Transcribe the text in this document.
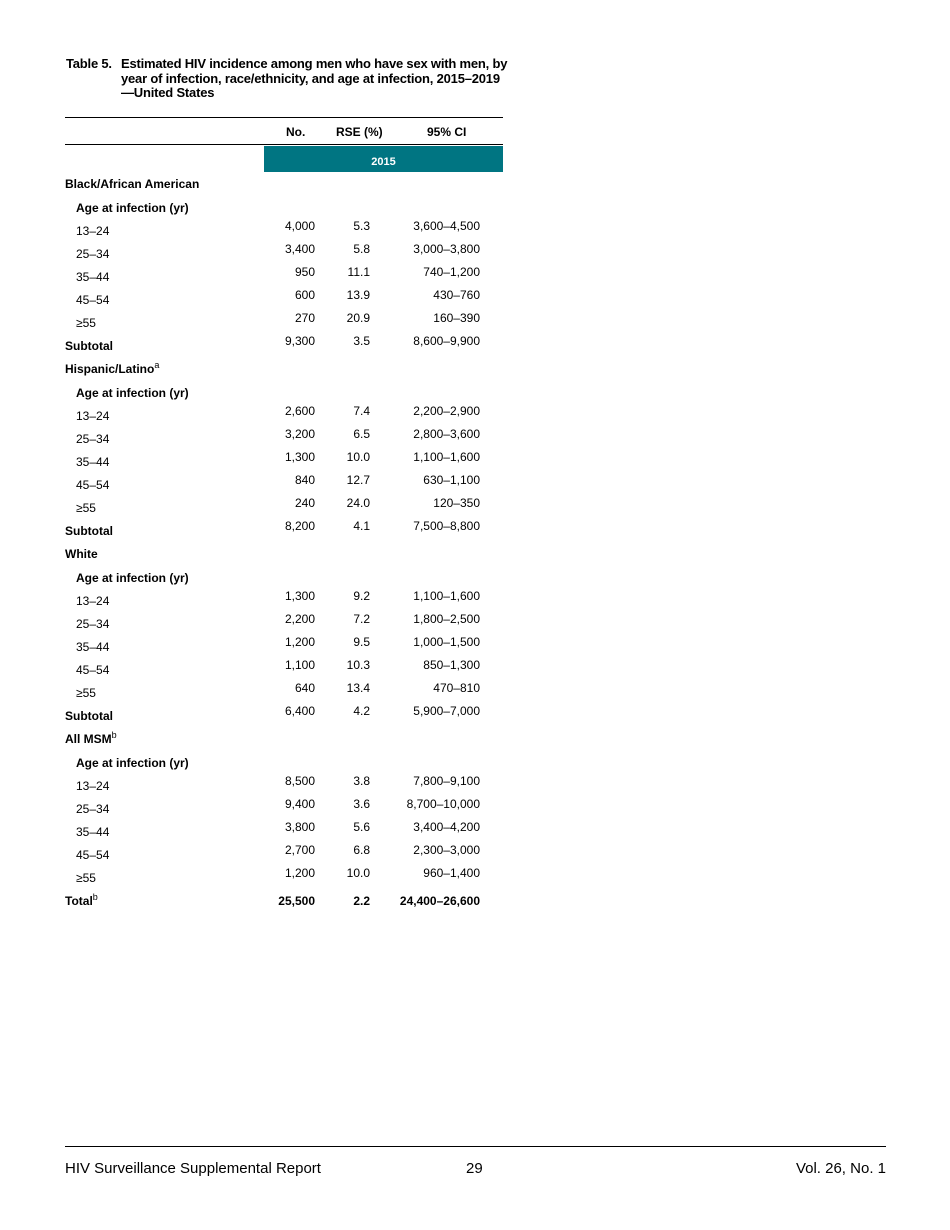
Table 5. Estimated HIV incidence among men who have sex with men, by year of infection, race/ethnicity, and age at infection, 2015–2019—United States
No.	RSE (%)	95% CI
2015
Black/African American
Age at infection (yr)
13–24	4,000	5.3	3,600–4,500
25–34	3,400	5.8	3,000–3,800
35–44	950	11.1	740–1,200
45–54	600	13.9	430–760
≥55	270	20.9	160–390
Subtotal	9,300	3.5	8,600–9,900
Hispanic/Latino$^a$
Age at infection (yr)
13–24	2,600	7.4	2,200–2,900
25–34	3,200	6.5	2,800–3,600
35–44	1,300	10.0	1,100–1,600
45–54	840	12.7	630–1,100
≥55	240	24.0	120–350
Subtotal	8,200	4.1	7,500–8,800
White
Age at infection (yr)
13–24	1,300	9.2	1,100–1,600
25–34	2,200	7.2	1,800–2,500
35–44	1,200	9.5	1,000–1,500
45–54	1,100	10.3	850–1,300
≥55	640	13.4	470–810
Subtotal	6,400	4.2	5,900–7,000
All MSM$^b$
Age at infection (yr)
13–24	8,500	3.8	7,800–9,100
25–34	9,400	3.6	8,700–10,000
35–44	3,800	5.6	3,400–4,200
45–54	2,700	6.8	2,300–3,000
≥55	1,200	10.0	960–1,400
Total$^b$	25,500	2.2 24,400–26,600
HIV Surveillance Supplemental Report	29	Vol. 26, No. 1
